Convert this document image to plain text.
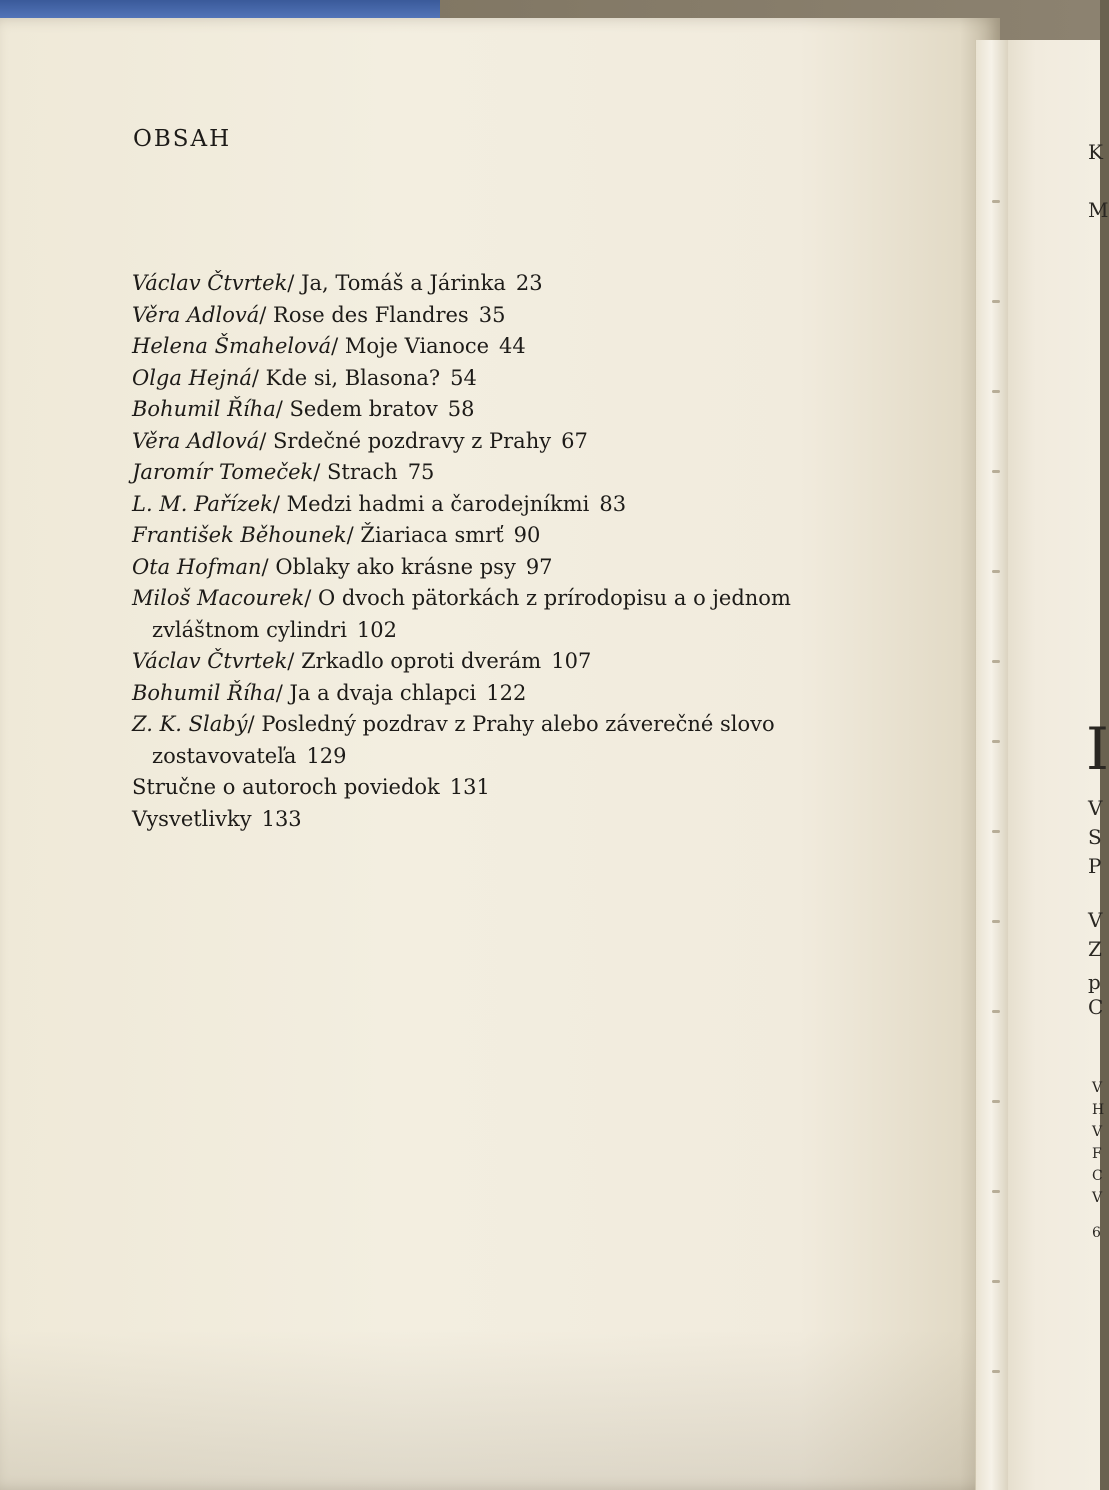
OBSAH
Václav Čtvrtek/ Ja, Tomáš a Járinka 23
Věra Adlová/ Rose des Flandres 35
Helena Šmahelová/ Moje Vianoce 44
Olga Hejná/ Kde si, Blasona? 54
Bohumil Říha/ Sedem bratov 58
Věra Adlová/ Srdečné pozdravy z Prahy 67
Jaromír Tomeček/ Strach 75
L. M. Pařízek/ Medzi hadmi a čarodejníkmi 83
František Běhounek/ Žiariaca smrť 90
Ota Hofman/ Oblaky ako krásne psy 97
Miloš Macourek/ O dvoch pätorkách z prírodopisu a o jednom zvláštnom cylindri 102
Václav Čtvrtek/ Zrkadlo oproti dverám 107
Bohumil Říha/ Ja a dvaja chlapci 122
Z. K. Slabý/ Posledný pozdrav z Prahy alebo záverečné slovo zostavovateľa 129
Stručne o autoroch poviedok 131
Vysvetlivky 133
K
M
I
V
S
P
V
Z
p
C
V
H
V
F
C
V
6
